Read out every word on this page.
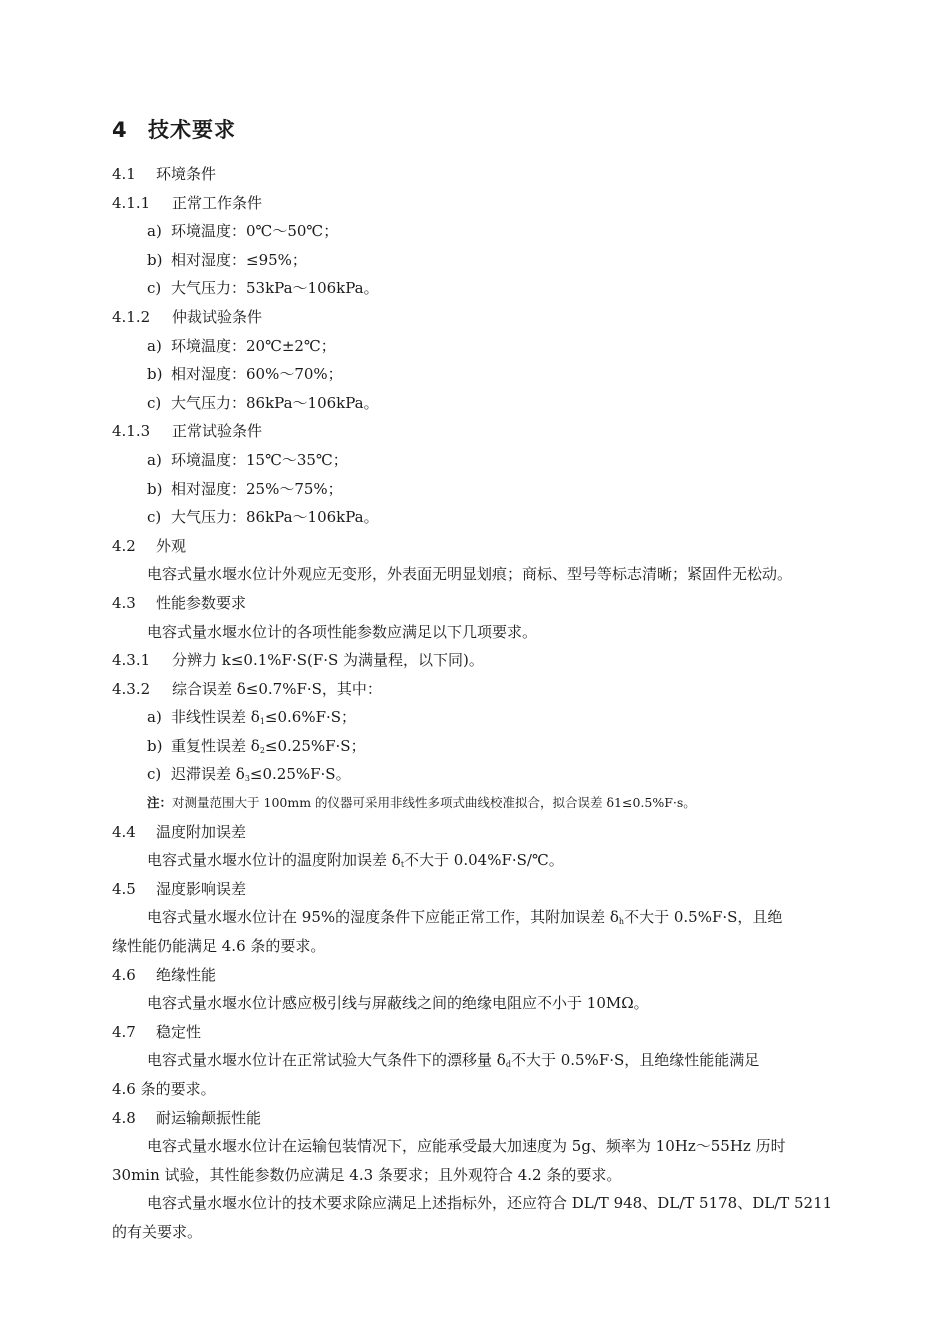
4 技术要求
4.1 环境条件
4.1.1 正常工作条件
a) 环境温度：0℃～50℃；
b) 相对湿度：≤95%；
c) 大气压力：53kPa～106kPa。
4.1.2 仲裁试验条件
a) 环境温度：20℃±2℃；
b) 相对湿度：60%～70%；
c) 大气压力：86kPa～106kPa。
4.1.3 正常试验条件
a) 环境温度：15℃～35℃；
b) 相对湿度：25%～75%；
c) 大气压力：86kPa～106kPa。
4.2 外观
电容式量水堰水位计外观应无变形，外表面无明显划痕；商标、型号等标志清晰；紧固件无松动。
4.3 性能参数要求
电容式量水堰水位计的各项性能参数应满足以下几项要求。
4.3.1 分辨力 k≤0.1%F·S(F·S 为满量程，以下同)。
4.3.2 综合误差 δ≤0.7%F·S，其中：
a) 非线性误差 $\delta_1\le 0.6\%F\cdot S$；
b) 重复性误差 $\delta_2\le 0.25\%F\cdot S$；
c) 迟滞误差 $\delta_3\le 0.25\%F\cdot S$。
注：对测量范围大于 100mm 的仪器可采用非线性多项式曲线校准拟合，拟合误差 δ1≤0.5%F·s。
4.4 温度附加误差
电容式量水堰水位计的温度附加误差 $\delta_t$不大于 0.04%F·S/℃。
4.5 湿度影响误差
电容式量水堰水位计在 95%的湿度条件下应能正常工作，其附加误差 $\delta_h$不大于 0.5%F·S，且绝
缘性能仍能满足 4.6 条的要求。
4.6 绝缘性能
电容式量水堰水位计感应极引线与屏蔽线之间的绝缘电阻应不小于 10MΩ。
4.7 稳定性
电容式量水堰水位计在正常试验大气条件下的漂移量 $\delta_d$不大于 0.5%F·S，且绝缘性能能满足
4.6 条的要求。
4.8 耐运输颠振性能
电容式量水堰水位计在运输包装情况下，应能承受最大加速度为 5g、频率为 10Hz～55Hz 历时
30min 试验，其性能参数仍应满足 4.3 条要求；且外观符合 4.2 条的要求。
电容式量水堰水位计的技术要求除应满足上述指标外，还应符合 DL/T 948、DL/T 5178、DL/T 5211
的有关要求。
